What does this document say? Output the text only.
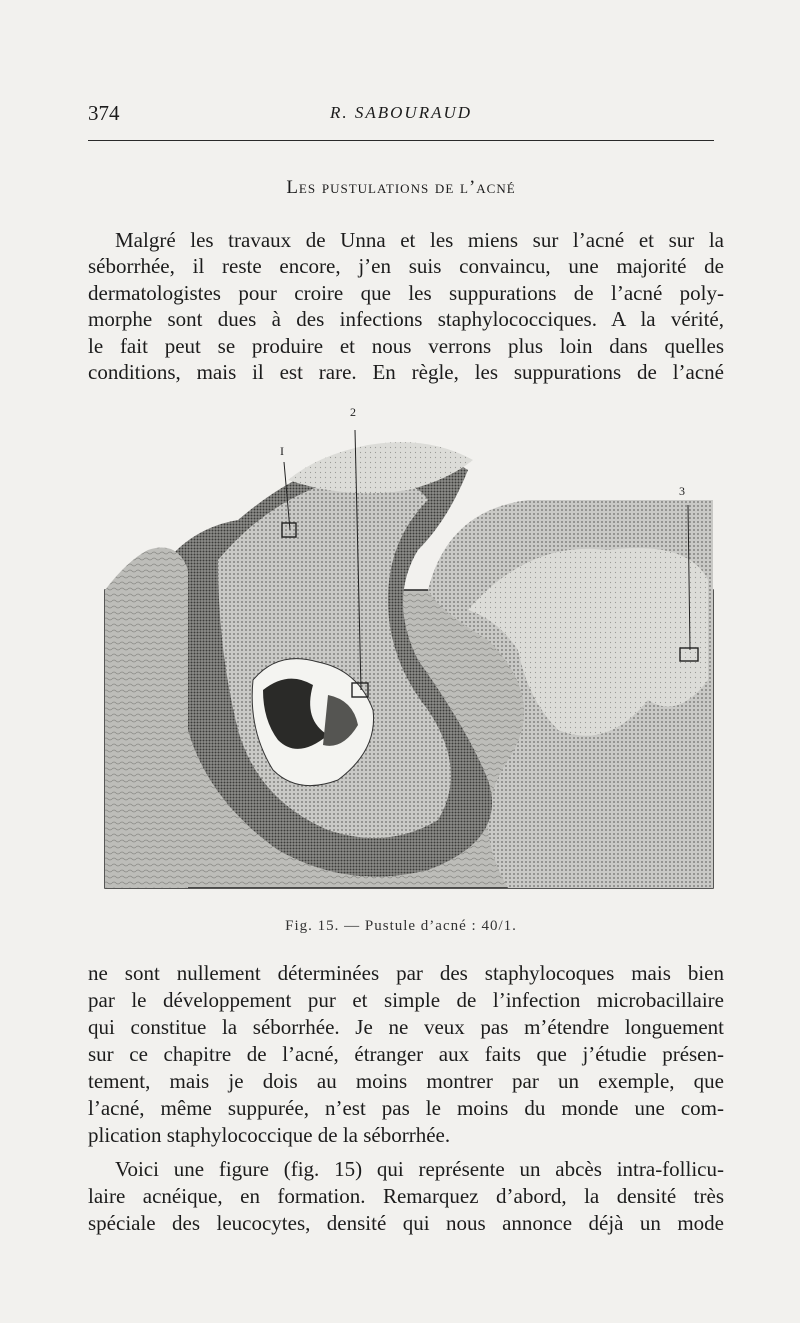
374	R. SABOURAUD
Les pustulations de l’acné

Malgré les travaux de Unna et les miens sur l’acné et sur la

séborrhée, il reste encore, j’en suis convaincu, une majorité de

dermatologistes pour croire que les suppurations de l’acné poly-

morphe sont dues à des infections staphylococciques. A la vérité,

le fait peut se produire et nous verrons plus loin dans quelles

conditions, mais il est rare. En règle, les suppurations de l’acné

2
I
3
Fig. 15. — Pustule d’acné : 40/1.

ne sont nullement déterminées par des staphylocoques mais bien

par le développement pur et simple de l’infection microbacillaire

qui constitue la séborrhée. Je ne veux pas m’étendre longuement

sur ce chapitre de l’acné, étranger aux faits que j’étudie présen-

tement, mais je dois au moins montrer par un exemple, que

l’acné, même suppurée, n’est pas le moins du monde une com-

plication staphylococcique de la séborrhée.

Voici une figure (fig. 15) qui représente un abcès intra-follicu-

laire acnéique, en formation. Remarquez d’abord, la densité très

spéciale des leucocytes, densité qui nous annonce déjà un mode
